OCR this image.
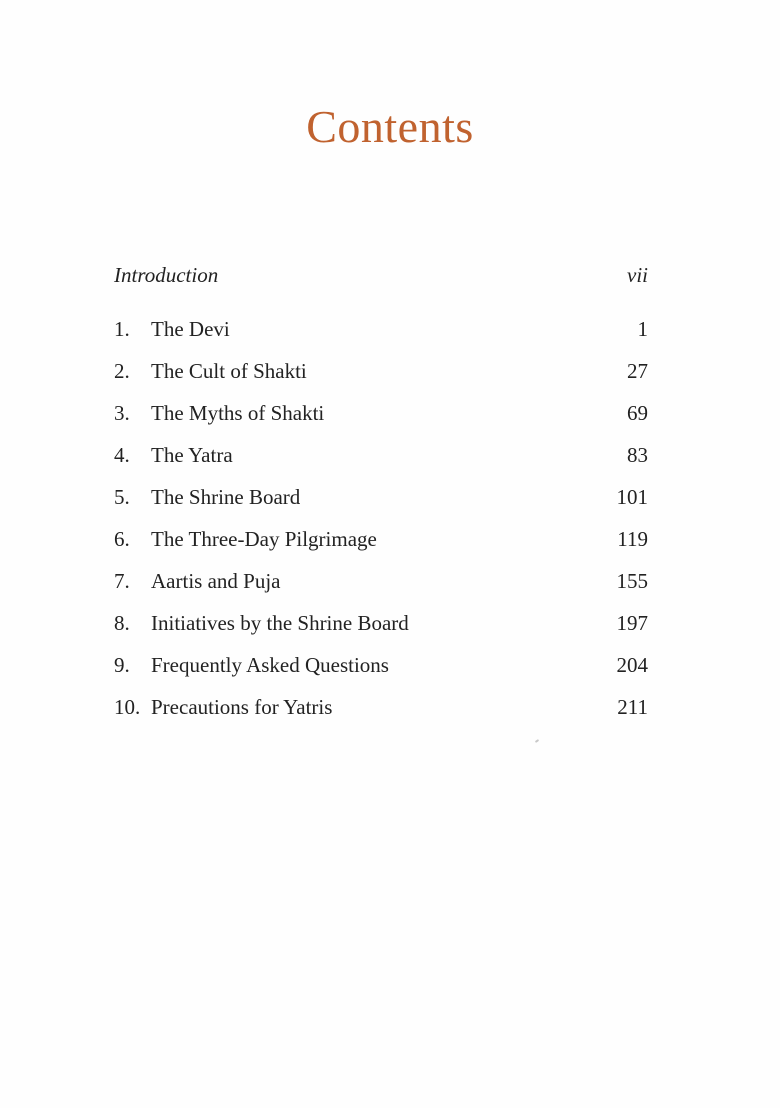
Contents
Introduction	vii
1.	The Devi	1
2.	The Cult of Shakti	27
3.	The Myths of Shakti	69
4.	The Yatra	83
5.	The Shrine Board	101
6.	The Three-Day Pilgrimage	119
7.	Aartis and Puja	155
8.	Initiatives by the Shrine Board	197
9.	Frequently Asked Questions	204
10. Precautions for Yatris	211
